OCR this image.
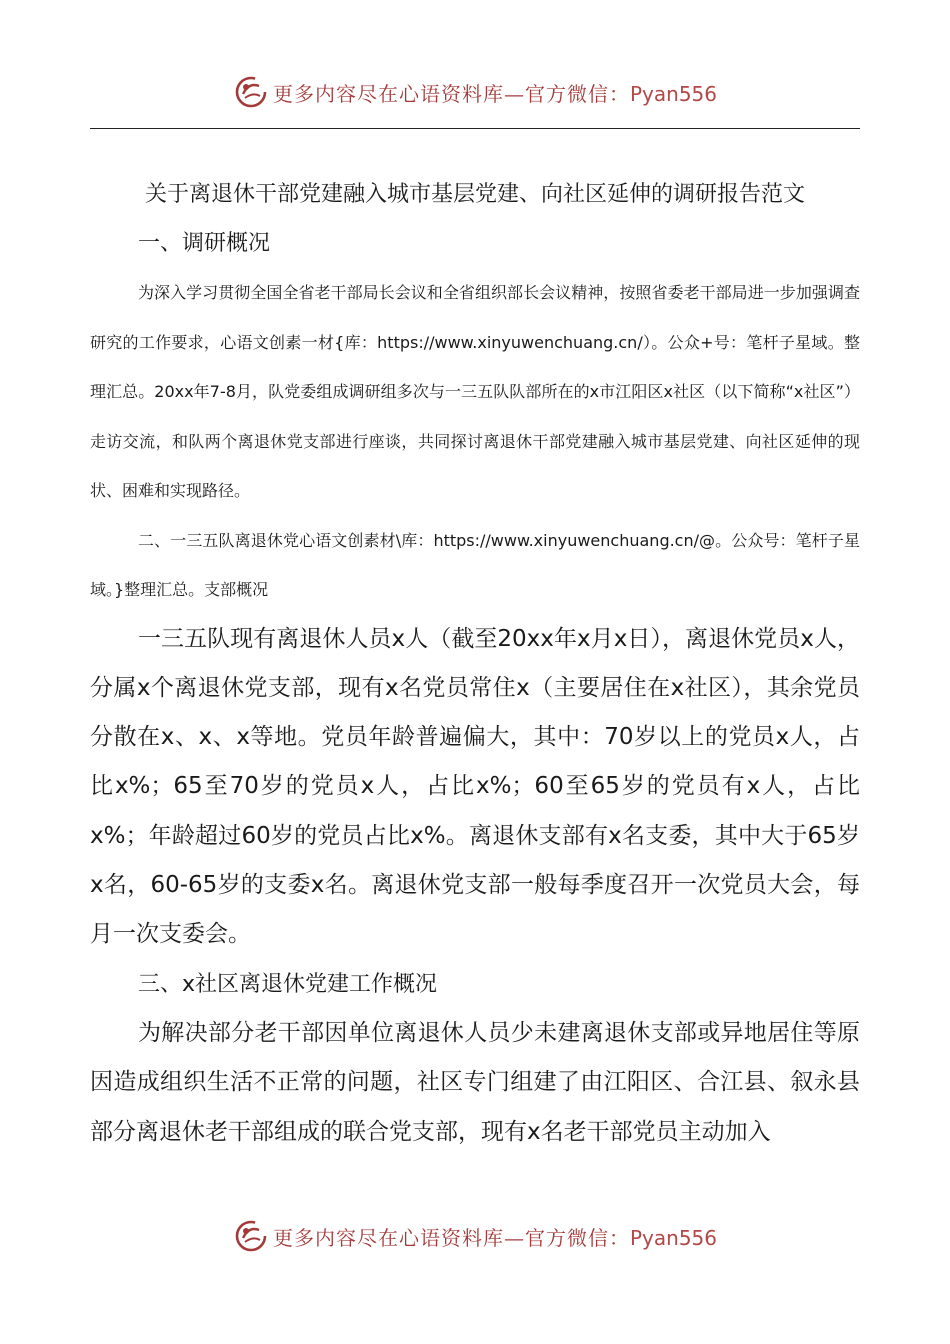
更多内容尽在心语资料库—官方微信：Pyan556
关于离退休干部党建融入城市基层党建、向社区延伸的调研报告范文
一、调研概况

为深入学习贯彻全国全省老干部局长会议和全省组织部长会议精神，按照省委老干部局进一步加强调查研究的工作要求，心语文创素一材{库：https://www.xinyuwenchuang.cn/）。公众+号：笔杆子星域。整理汇总。20xx年7-8月，队党委组成调研组多次与一三五队队部所在的x市江阳区x社区（以下简称“x社区”）走访交流，和队两个离退休党支部进行座谈，共同探讨离退休干部党建融入城市基层党建、向社区延伸的现状、困难和实现路径。

二、一三五队离退休党心语文创素材\库：https://www.xinyuwenchuang.cn/@。公众号：笔杆子星域。}整理汇总。支部概况

一三五队现有离退休人员x人（截至20xx年x月x日），离退休党员x人，分属x个离退休党支部，现有x名党员常住x（主要居住在x社区），其余党员分散在x、x、x等地。党员年龄普遍偏大，其中：70岁以上的党员x人，占比x%；65至70岁的党员x人，占比x%；60至65岁的党员有x人，占比x%；年龄超过60岁的党员占比x%。离退休支部有x名支委，其中大于65岁x名，60-65岁的支委x名。离退休党支部一般每季度召开一次党员大会，每月一次支委会。

三、x社区离退休党建工作概况

为解决部分老干部因单位离退休人员少未建离退休支部或异地居住等原因造成组织生活不正常的问题，社区专门组建了由江阳区、合江县、叙永县部分离退休老干部组成的联合党支部，现有x名老干部党员主动加入

更多内容尽在心语资料库—官方微信：Pyan556
